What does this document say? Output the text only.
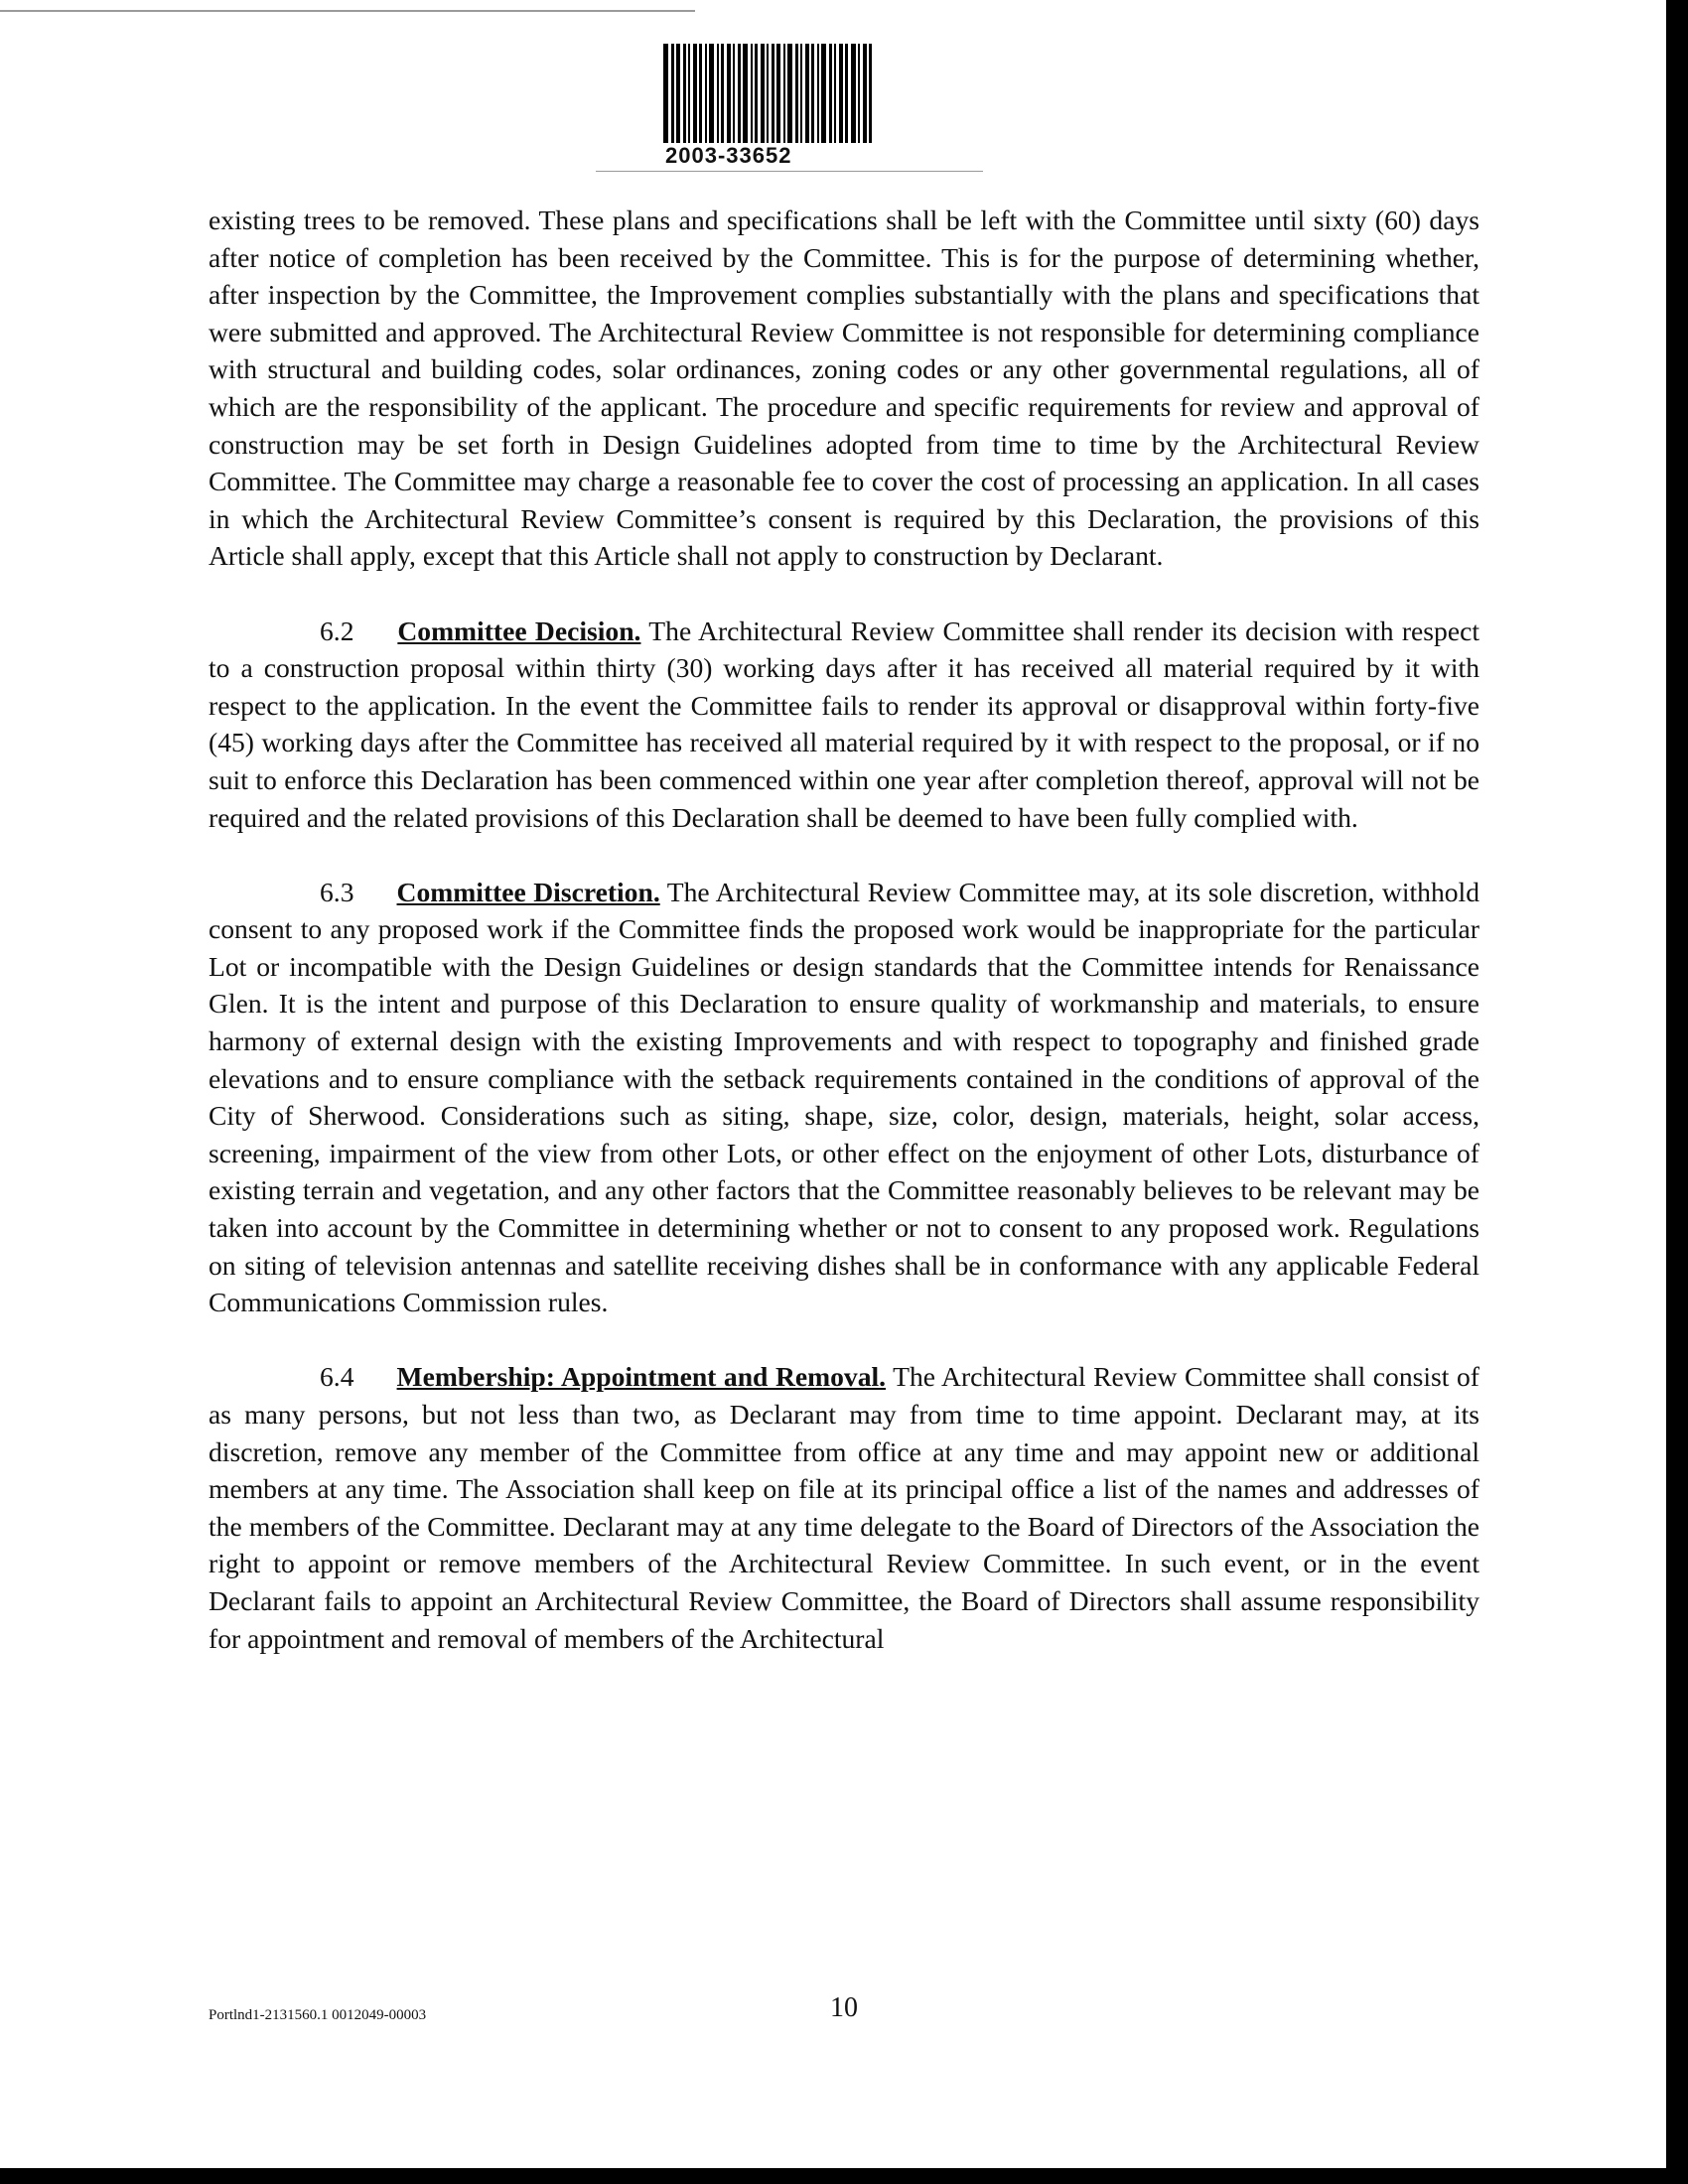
2003-33652

existing trees to be removed. These plans and specifications shall be left with the Committee until sixty (60) days after notice of completion has been received by the Committee. This is for the purpose of determining whether, after inspection by the Committee, the Improvement complies substantially with the plans and specifications that were submitted and approved. The Architectural Review Committee is not responsible for determining compliance with structural and building codes, solar ordinances, zoning codes or any other governmental regulations, all of which are the responsibility of the applicant. The procedure and specific requirements for review and approval of construction may be set forth in Design Guidelines adopted from time to time by the Architectural Review Committee. The Committee may charge a reasonable fee to cover the cost of processing an application. In all cases in which the Architectural Review Committee’s consent is required by this Declaration, the provisions of this Article shall apply, except that this Article shall not apply to construction by Declarant.

6.2 Committee Decision. The Architectural Review Committee shall render its decision with respect to a construction proposal within thirty (30) working days after it has received all material required by it with respect to the application. In the event the Committee fails to render its approval or disapproval within forty-five (45) working days after the Committee has received all material required by it with respect to the proposal, or if no suit to enforce this Declaration has been commenced within one year after completion thereof, approval will not be required and the related provisions of this Declaration shall be deemed to have been fully complied with.

6.3 Committee Discretion. The Architectural Review Committee may, at its sole discretion, withhold consent to any proposed work if the Committee finds the proposed work would be inappropriate for the particular Lot or incompatible with the Design Guidelines or design standards that the Committee intends for Renaissance Glen. It is the intent and purpose of this Declaration to ensure quality of workmanship and materials, to ensure harmony of external design with the existing Improvements and with respect to topography and finished grade elevations and to ensure compliance with the setback requirements contained in the conditions of approval of the City of Sherwood. Considerations such as siting, shape, size, color, design, materials, height, solar access, screening, impairment of the view from other Lots, or other effect on the enjoyment of other Lots, disturbance of existing terrain and vegetation, and any other factors that the Committee reasonably believes to be relevant may be taken into account by the Committee in determining whether or not to consent to any proposed work. Regulations on siting of television antennas and satellite receiving dishes shall be in conformance with any applicable Federal Communications Commission rules.

6.4 Membership: Appointment and Removal. The Architectural Review Committee shall consist of as many persons, but not less than two, as Declarant may from time to time appoint. Declarant may, at its discretion, remove any member of the Committee from office at any time and may appoint new or additional members at any time. The Association shall keep on file at its principal office a list of the names and addresses of the members of the Committee. Declarant may at any time delegate to the Board of Directors of the Association the right to appoint or remove members of the Architectural Review Committee. In such event, or in the event Declarant fails to appoint an Architectural Review Committee, the Board of Directors shall assume responsibility for appointment and removal of members of the Architectural

Portlnd1-2131560.1 0012049-00003	10
